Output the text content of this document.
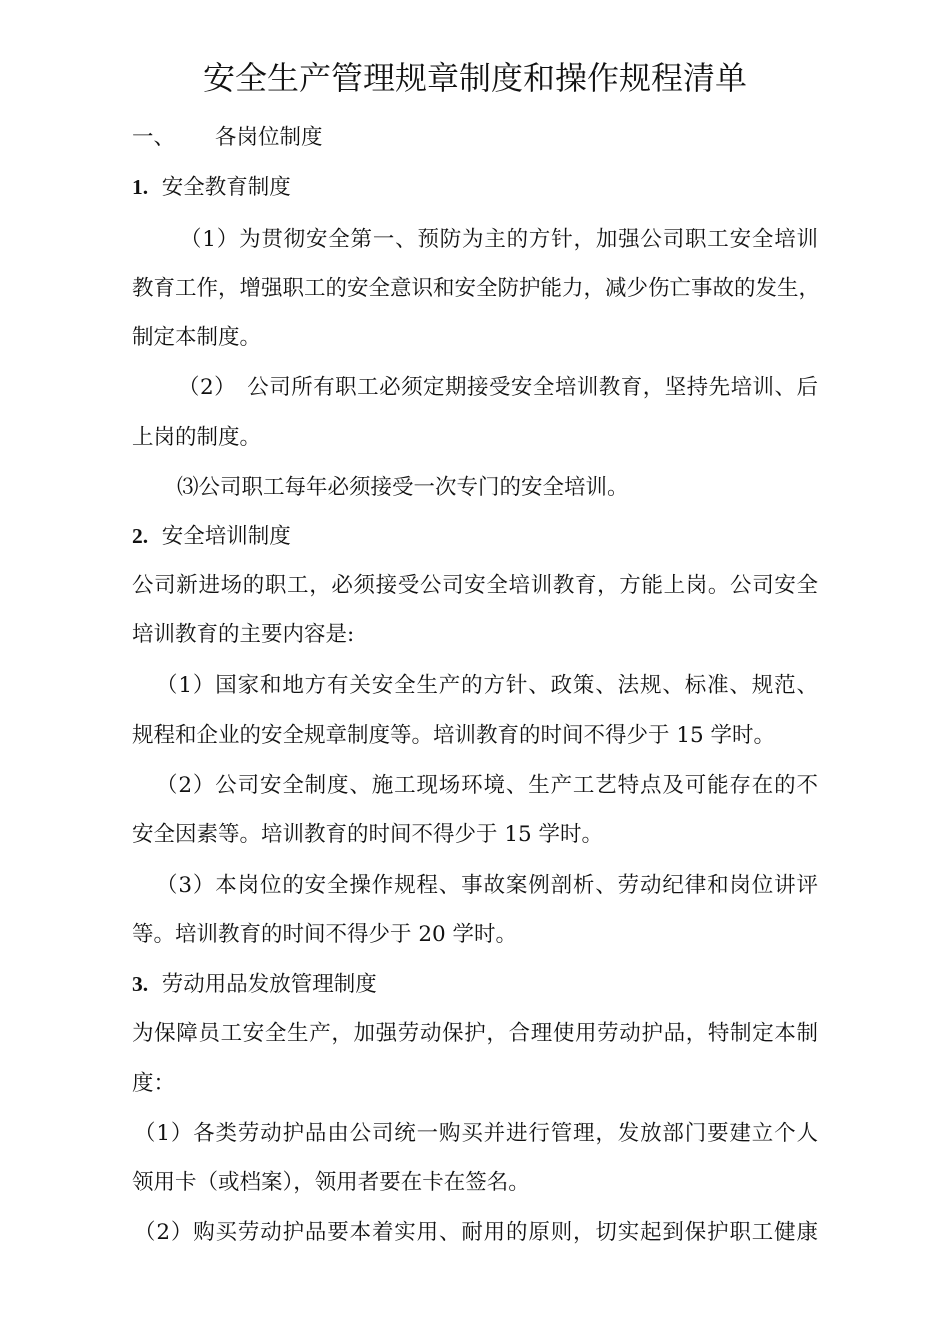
安全生产管理规章制度和操作规程清单
一、 各岗位制度
1. 安全教育制度
（1）为贯彻安全第一、预防为主的方针，加强公司职工安全培训
教育工作，增强职工的安全意识和安全防护能力，减少伤亡事故的发生，
制定本制度。
（2）　公司所有职工必须定期接受安全培训教育，坚持先培训、后
上岗的制度。
⑶公司职工每年必须接受一次专门的安全培训。
2. 安全培训制度
公司新进场的职工，必须接受公司安全培训教育，方能上岗。公司安全
培训教育的主要内容是:
（1）国家和地方有关安全生产的方针、政策、法规、标准、规范、
规程和企业的安全规章制度等。培训教育的时间不得少于 15 学时。
（2）公司安全制度、施工现场环境、生产工艺特点及可能存在的不
安全因素等。培训教育的时间不得少于 15 学时。
（3）本岗位的安全操作规程、事故案例剖析、劳动纪律和岗位讲评
等。培训教育的时间不得少于 20 学时。
3. 劳动用品发放管理制度
为保障员工安全生产，加强劳动保护，合理使用劳动护品，特制定本制
度：
（1）各类劳动护品由公司统一购买并进行管理，发放部门要建立个人
领用卡（或档案），领用者要在卡在签名。
（2）购买劳动护品要本着实用、耐用的原则，切实起到保护职工健康
